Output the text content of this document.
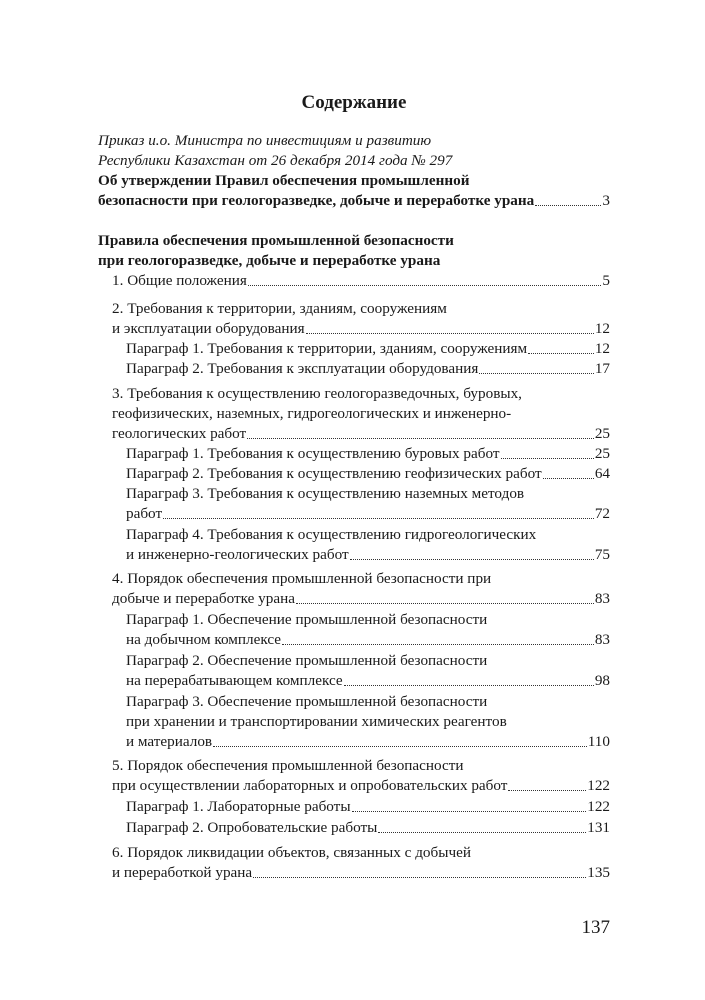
Содержание
Приказ и.о. Министра по инвестициям и развитию
Республики Казахстан от 26 декабря 2014 года № 297
Об утверждении Правил обеспечения промышленной
безопасности при геологоразведке, добыче и переработке урана	3
Правила обеспечения промышленной безопасности
при геологоразведке, добыче и переработке урана
1. Общие положения	5
2. Требования к территории, зданиям, сооружениям
и эксплуатации оборудования	12
Параграф 1. Требования к территории, зданиям, сооружениям	12
Параграф 2. Требования к эксплуатации оборудования	17
3. Требования к осуществлению геологоразведочных, буровых,
геофизических, наземных, гидрогеологических и инженерно-
геологических работ	25
Параграф 1. Требования к осуществлению буровых работ	25
Параграф 2. Требования к осуществлению геофизических работ	64
Параграф 3. Требования к осуществлению наземных методов
работ	72
Параграф 4. Требования к осуществлению гидрогеологических
и инженерно-геологических работ	75
4. Порядок обеспечения промышленной безопасности при
добыче и переработке урана	83
Параграф 1. Обеспечение промышленной безопасности
на добычном комплексе	83
Параграф 2. Обеспечение промышленной безопасности
на перерабатывающем комплексе	98
Параграф 3. Обеспечение промышленной безопасности
при хранении и транспортировании химических реагентов
и материалов	110
5. Порядок обеспечения промышленной безопасности
при осуществлении лабораторных и опробовательских работ	122
Параграф 1. Лабораторные работы	122
Параграф 2. Опробовательские работы	131
6. Порядок ликвидации объектов, связанных с добычей
и переработкой урана	135
137
